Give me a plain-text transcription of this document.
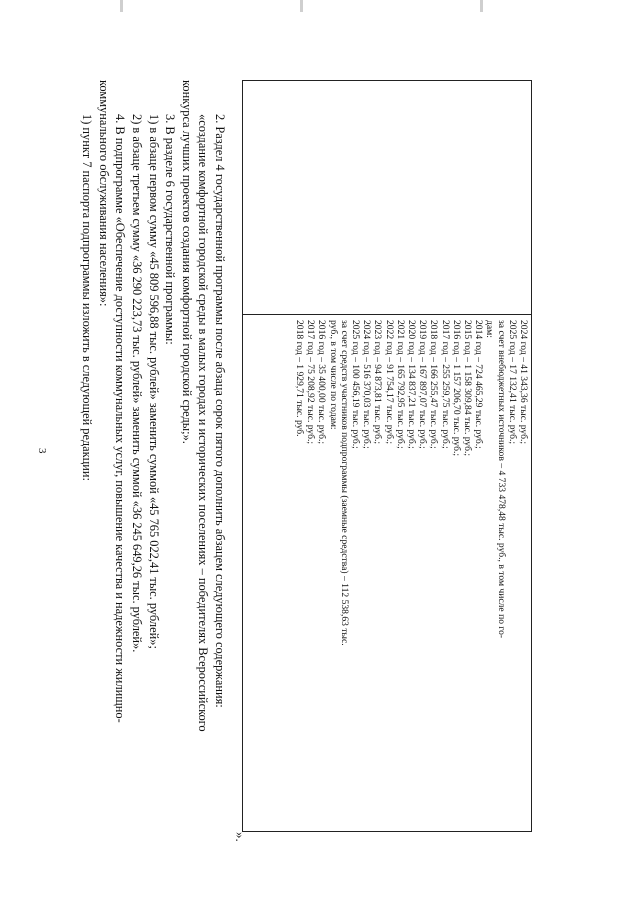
3
2024 год – 41 343,36 тыс. руб.;
2025 год – 17 132,41 тыс. руб.;
за счет внебюджетных источников – 4 733 478,48 тыс. руб., в том числе по го-
дам:
2014 год – 724 465,29 тыс. руб.;
2015 год – 1 158 309,84 тыс. руб.;
2016 год – 1 157 206,70 тыс. руб.;
2017 год – 255 259,75 тыс. руб.;
2018 год – 166 255,47 тыс. руб.;
2019 год – 167 897,07 тыс. руб.;
2020 год – 134 837,21 тыс. руб.;
2021 год – 165 792,95 тыс. руб.;
2022 год – 91 754,17 тыс. руб.;
2023 год – 94 873,81 тыс. руб.;
2024 год – 516 370,03 тыс. руб.;
2025 год – 100 456,19 тыс. руб.;
за счет средств участников подпрограммы (заемные средства) – 112 538,63 тыс.
руб., в том числе по годам:
2016 год – 35 400,00 тыс. руб.;
2017 год – 75 208,92 тыс. руб.;
2018 год – 1 929,71 тыс. руб.
».
2. Раздел 4 государственной программы после абзаца сорок пятого дополнить абзацем следующего содержания:
«создание комфортной городской среды в малых городах и исторических поселениях – победителях Всероссийского
конкурса лучших проектов создания комфортной городской среды;».
3. В разделе 6 государственной программы:
1) в абзаце первом сумму «45 809 596,88 тыс. рублей» заменить суммой «45 765 022,41 тыс. рублей»;
2) в абзаце третьем сумму «36 290 223,73 тыс. рублей» заменить суммой «36 245 649,26 тыс. рублей».
4. В подпрограмме «Обеспечение доступности коммунальных услуг, повышение качества и надежности жилищно-
коммунального обслуживания населения»:
1) пункт 7 паспорта подпрограммы изложить в следующей редакции:
